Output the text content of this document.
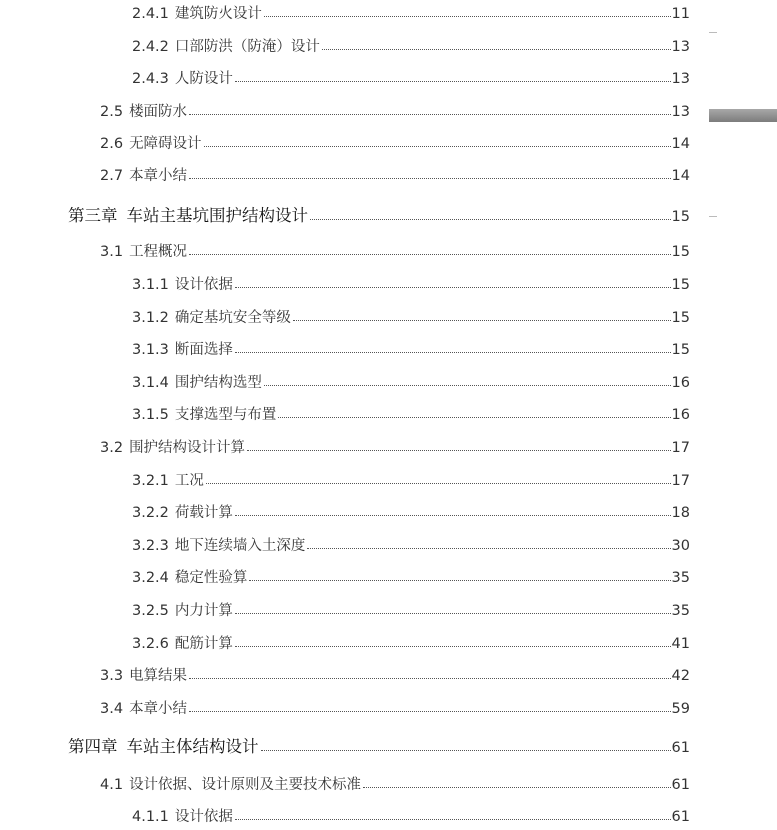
2.4.1 建筑防火设计	11
2.4.2 口部防洪（防淹）设计	13
2.4.3 人防设计	13
2.5 楼面防水	13
2.6 无障碍设计	14
2.7 本章小结	14
第三章 车站主基坑围护结构设计	15
3.1 工程概况	15
3.1.1 设计依据	15
3.1.2 确定基坑安全等级	15
3.1.3 断面选择	15
3.1.4 围护结构选型	16
3.1.5 支撑选型与布置	16
3.2 围护结构设计计算	17
3.2.1 工况	17
3.2.2 荷载计算	18
3.2.3 地下连续墙入土深度	30
3.2.4 稳定性验算	35
3.2.5 内力计算	35
3.2.6 配筋计算	41
3.3 电算结果	42
3.4 本章小结	59
第四章 车站主体结构设计	61
4.1 设计依据、设计原则及主要技术标准	61
4.1.1 设计依据	61
